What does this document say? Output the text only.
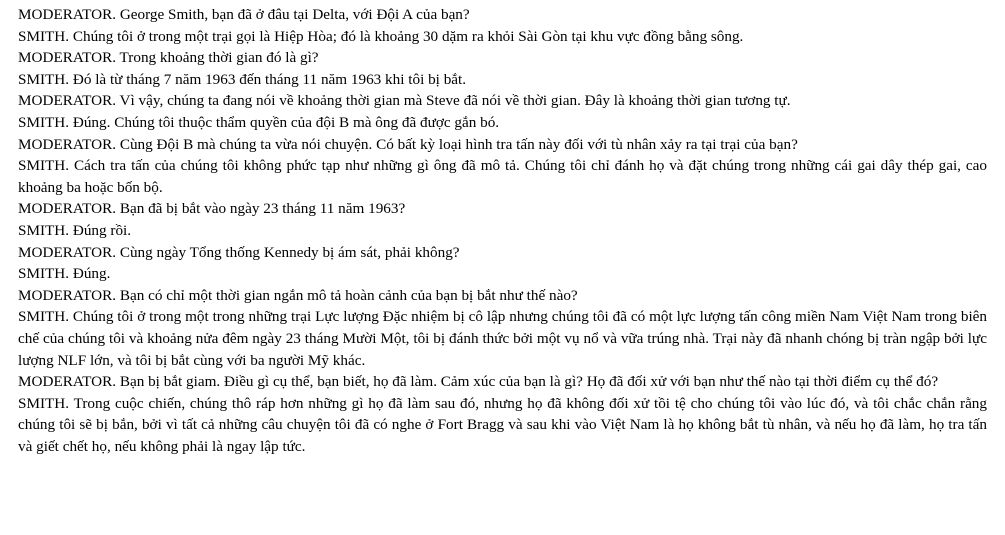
MODERATOR. George Smith, bạn đã ở đâu tại Delta, với Đội A của bạn?

SMITH. Chúng tôi ở trong một trại gọi là Hiệp Hòa; đó là khoảng 30 dặm ra khỏi Sài Gòn tại khu vực đồng bằng sông.

MODERATOR. Trong khoảng thời gian đó là gì?

SMITH. Đó là từ tháng 7 năm 1963 đến tháng 11 năm 1963 khi tôi bị bắt.

MODERATOR. Vì vậy, chúng ta đang nói về khoảng thời gian mà Steve đã nói về thời gian. Đây là khoảng thời gian tương tự.

SMITH. Đúng. Chúng tôi thuộc thẩm quyền của đội B mà ông đã được gắn bó.

MODERATOR. Cùng Đội B mà chúng ta vừa nói chuyện. Có bất kỳ loại hình tra tấn này đối với tù nhân xảy ra tại trại của bạn?

SMITH. Cách tra tấn của chúng tôi không phức tạp như những gì ông đã mô tả. Chúng tôi chỉ đánh họ và đặt chúng trong những cái gai dây thép gai, cao khoảng ba hoặc bốn bộ.

MODERATOR. Bạn đã bị bắt vào ngày 23 tháng 11 năm 1963?

SMITH. Đúng rồi.

MODERATOR. Cùng ngày Tổng thống Kennedy bị ám sát, phải không?

SMITH. Đúng.

MODERATOR. Bạn có chỉ một thời gian ngắn mô tả hoàn cảnh của bạn bị bắt như thế nào?

SMITH. Chúng tôi ở trong một trong những trại Lực lượng Đặc nhiệm bị cô lập nhưng chúng tôi đã có một lực lượng tấn công miền Nam Việt Nam trong biên chế của chúng tôi và khoảng nửa đêm ngày 23 tháng Mười Một, tôi bị đánh thức bởi một vụ nổ và vữa trúng nhà. Trại này đã nhanh chóng bị tràn ngập bởi lực lượng NLF lớn, và tôi bị bắt cùng với ba người Mỹ khác.

MODERATOR. Bạn bị bắt giam. Điều gì cụ thể, bạn biết, họ đã làm. Cảm xúc của bạn là gì? Họ đã đối xử với bạn như thế nào tại thời điểm cụ thể đó?

SMITH. Trong cuộc chiến, chúng thô ráp hơn những gì họ đã làm sau đó, nhưng họ đã không đối xử tồi tệ cho chúng tôi vào lúc đó, và tôi chắc chắn rằng chúng tôi sẽ bị bắn, bởi vì tất cả những câu chuyện tôi đã có nghe ở Fort Bragg và sau khi vào Việt Nam là họ không bắt tù nhân, và nếu họ đã làm, họ tra tấn và giết chết họ, nếu không phải là ngay lập tức.
